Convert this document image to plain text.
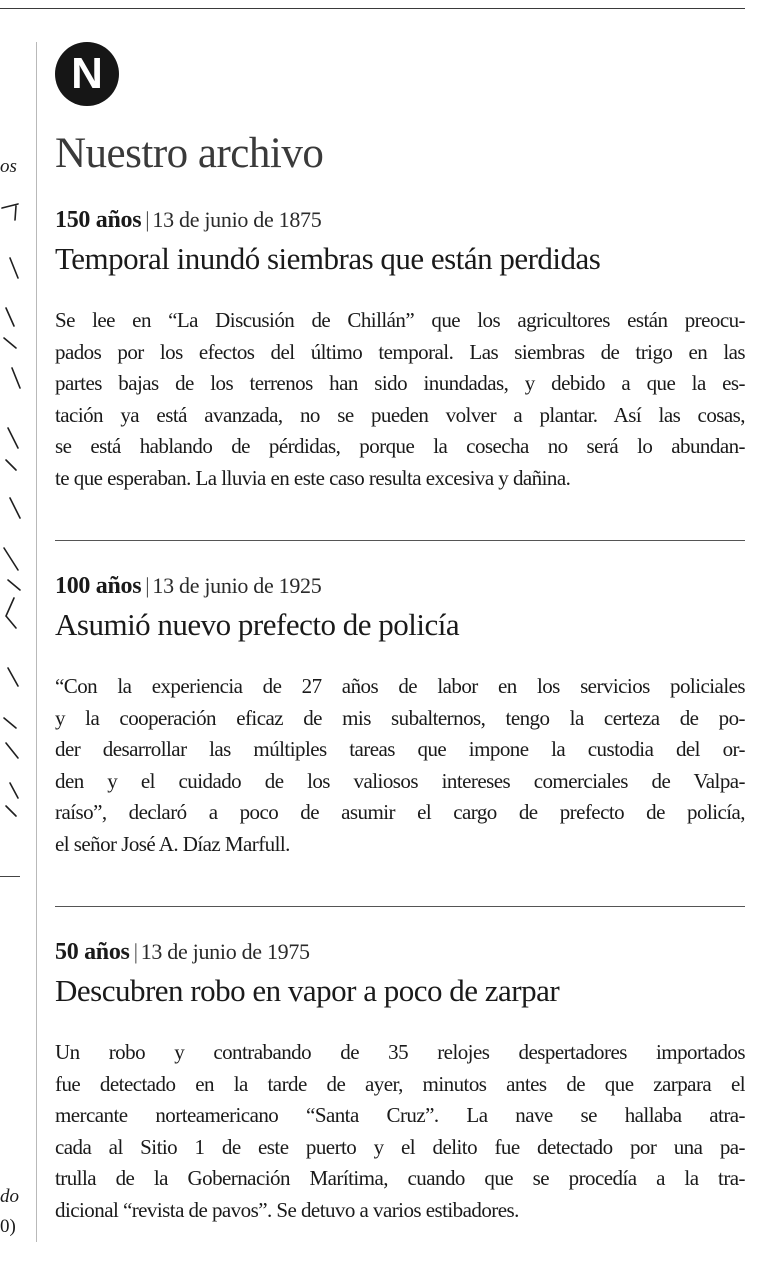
os
do
0)
N
Nuestro archivo
150 años | 13 de junio de 1875
Temporal inundó siembras que están perdidas

Se lee en “La Discusión de Chillán” que los agricultores están preocu-
pados por los efectos del último temporal. Las siembras de trigo en las
partes bajas de los terrenos han sido inundadas, y debido a que la es-
tación ya está avanzada, no se pueden volver a plantar. Así las cosas,
se está hablando de pérdidas, porque la cosecha no será lo abundan-
te que esperaban. La lluvia en este caso resulta excesiva y dañina.

100 años | 13 de junio de 1925
Asumió nuevo prefecto de policía

“Con la experiencia de 27 años de labor en los servicios policiales
y la cooperación eficaz de mis subalternos, tengo la certeza de po-
der desarrollar las múltiples tareas que impone la custodia del or-
den y el cuidado de los valiosos intereses comerciales de Valpa-
raíso”, declaró a poco de asumir el cargo de prefecto de policía,
el señor José A. Díaz Marfull.

50 años | 13 de junio de 1975
Descubren robo en vapor a poco de zarpar

Un robo y contrabando de 35 relojes despertadores importados
fue detectado en la tarde de ayer, minutos antes de que zarpara el
mercante norteamericano “Santa Cruz”. La nave se hallaba atra-
cada al Sitio 1 de este puerto y el delito fue detectado por una pa-
trulla de la Gobernación Marítima, cuando que se procedía a la tra-
dicional “revista de pavos”. Se detuvo a varios estibadores.
